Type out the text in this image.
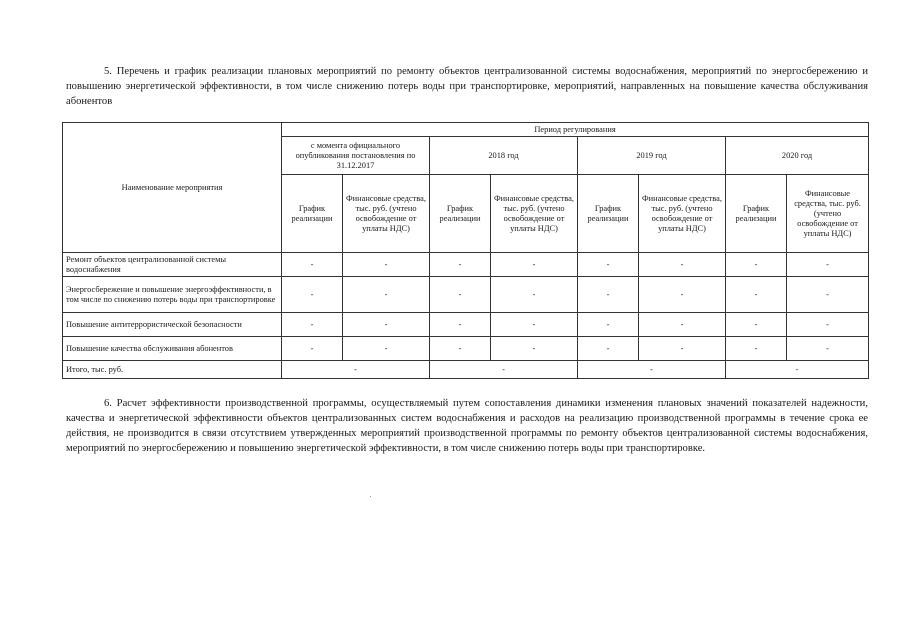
5. Перечень и график реализации плановых мероприятий по ремонту объектов централизованной системы водоснабжения, мероприятий по энергосбережению и повышению энергетической эффективности, в том числе снижению потерь воды при транспортировке, мероприятий, направленных на повышение качества обслуживания абонентов

Наименование мероприятия	Период регулирования							
	с момента официального опубликования постановления по 31.12.2017		2018 год		2019 год		2020 год	
	График реализации	Финансовые средства, тыс. руб. (учтено освобождение от уплаты НДС)	График реализации	Финансовые средства, тыс. руб. (учтено освобождение от уплаты НДС)	График реализации	Финансовые средства, тыс. руб. (учтено освобождение от уплаты НДС)	График реализации	Финансовые средства, тыс. руб. (учтено освобождение от уплаты НДС)
Ремонт объектов централизованной системы водоснабжения	-	-	-	-	-	-	-	-
Энергосбережение и повышение энергоэффективности, в том числе по снижению потерь воды при транспортировке	-	-	-	-	-	-	-	-
Повышение антитеррористической безопасности	-	-	-	-	-	-	-	-
Повышение качества обслуживания абонентов	-	-	-	-	-	-	-	-
Итого, тыс. руб.	-		-		-		-	

6. Расчет эффективности производственной программы, осуществляемый путем сопоставления динамики изменения плановых значений показателей надежности, качества и энергетической эффективности объектов централизованных систем водоснабжения и расходов на реализацию производственной программы в течение срока ее действия, не производится в связи отсутствием утвержденных мероприятий производственной программы по ремонту объектов централизованной системы водоснабжения, мероприятий по энергосбережению и повышению энергетической эффективности, в том числе снижению потерь воды при транспортировке.
